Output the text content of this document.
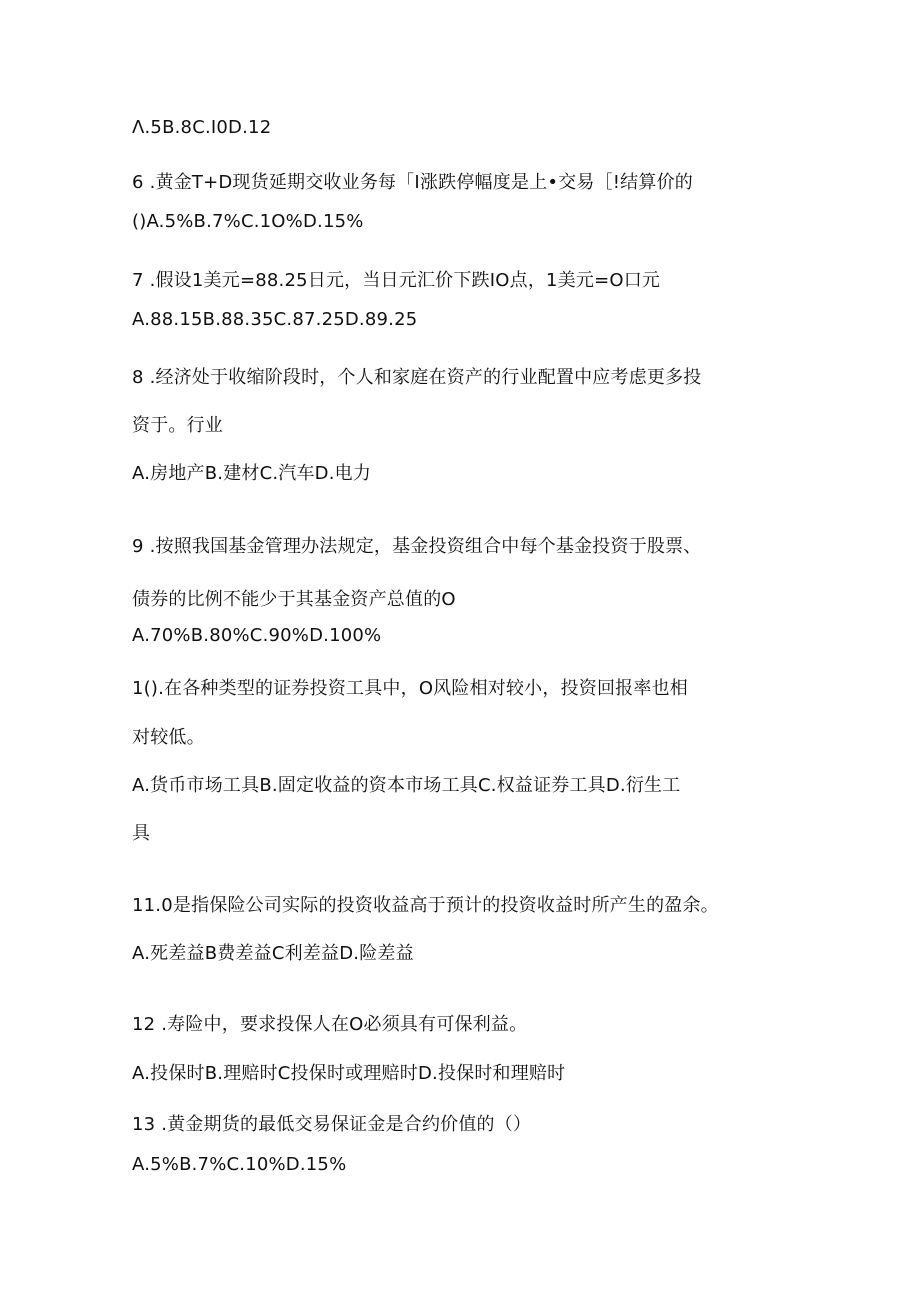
Λ.5B.8C.I0D.12
6 .黄金T+D现货延期交收业务每「I涨跌停幅度是上•交易［!结算价的
()A.5%B.7%C.1O%D.15%
7 .假设1美元=88.25日元，当日元汇价下跌IO点，1美元=O口元
A.88.15B.88.35C.87.25D.89.25
8 .经济处于收缩阶段时，个人和家庭在资产的行业配置中应考虑更多投
资于。行业
A.房地产B.建材C.汽车D.电力
9 .按照我国基金管理办法规定，基金投资组合中每个基金投资于股票、
债券的比例不能少于其基金资产总值的O
A.70%B.80%C.90%D.100%
1().在各种类型的证券投资工具中，O风险相对较小，投资回报率也相
对较低。
A.货币市场工具B.固定收益的资本市场工具C.权益证券工具D.衍生工
具
11.0是指保险公司实际的投资收益高于预计的投资收益时所产生的盈余。
A.死差益B费差益C利差益D.险差益
12 .寿险中，要求投保人在O必须具有可保利益。
A.投保时B.理赔时C投保时或理赔时D.投保时和理赔时
13 .黄金期货的最低交易保证金是合约价值的（）
A.5%B.7%C.10%D.15%
